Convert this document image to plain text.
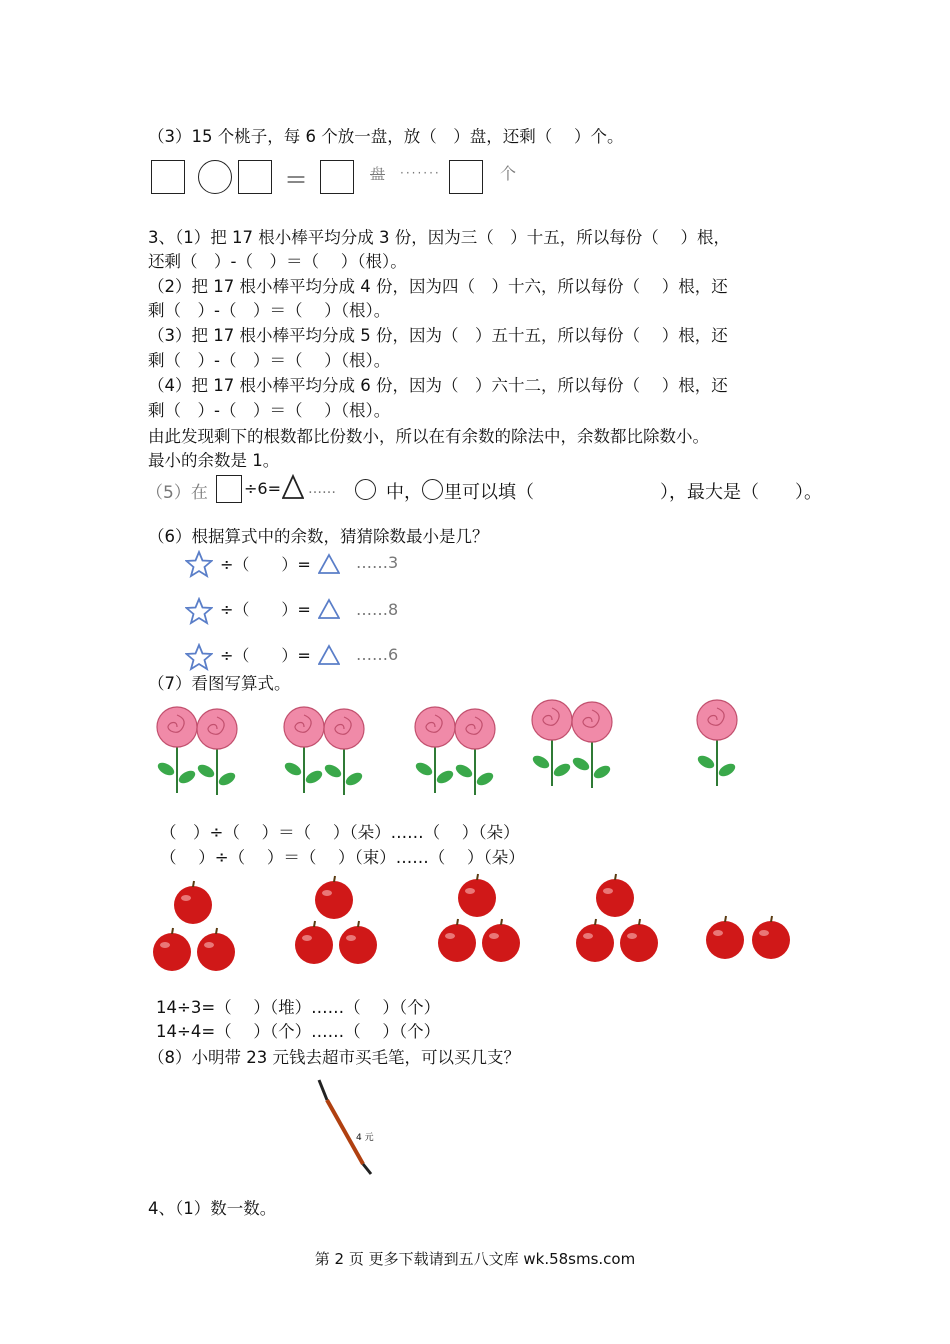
（3）15 个桃子，每 6 个放一盘，放（　）盘，还剩（　 ）个。
＝	盘 ·······	个
3、（1）把 17 根小棒平均分成 3 份，因为三（　）十五，所以每份（　 ）根，
还剩（　）-（　）＝（　 ）（根）。
（2）把 17 根小棒平均分成 4 份，因为四（　）十六，所以每份（　 ）根，还
剩（　）-（　）＝（　 ）（根）。
（3）把 17 根小棒平均分成 5 份，因为（　）五十五，所以每份（　 ）根，还
剩（　）-（　）＝（　 ）（根）。
（4）把 17 根小棒平均分成 6 份，因为（　）六十二，所以每份（　 ）根，还
剩（　）-（　）＝（　 ）（根）。
由此发现剩下的根数都比份数小，所以在有余数的除法中，余数都比除数小。
最小的余数是 1。
（5）在 ÷6= ……	中， 里可以填（　　　　　　　），最大是（　　）。
（6）根据算式中的余数，猜猜除数最小是几？
÷（　　）=	……3
÷（　　）=	……8
÷（　　）=	……6
（7）看图写算式。
（　）÷（　 ）＝（　 ）（朵）……（　 ）（朵）
（　 ）÷（　 ）＝（　 ）（束）……（　 ）（朵）
14÷3=（　 ）（堆）……（　 ）（个）
14÷4=（　 ）（个）……（　 ）（个）
（8）小明带 23 元钱去超市买毛笔，可以买几支？
4 元
4、（1）数一数。
第 2 页 更多下载请到五八文库 wk.58sms.com
